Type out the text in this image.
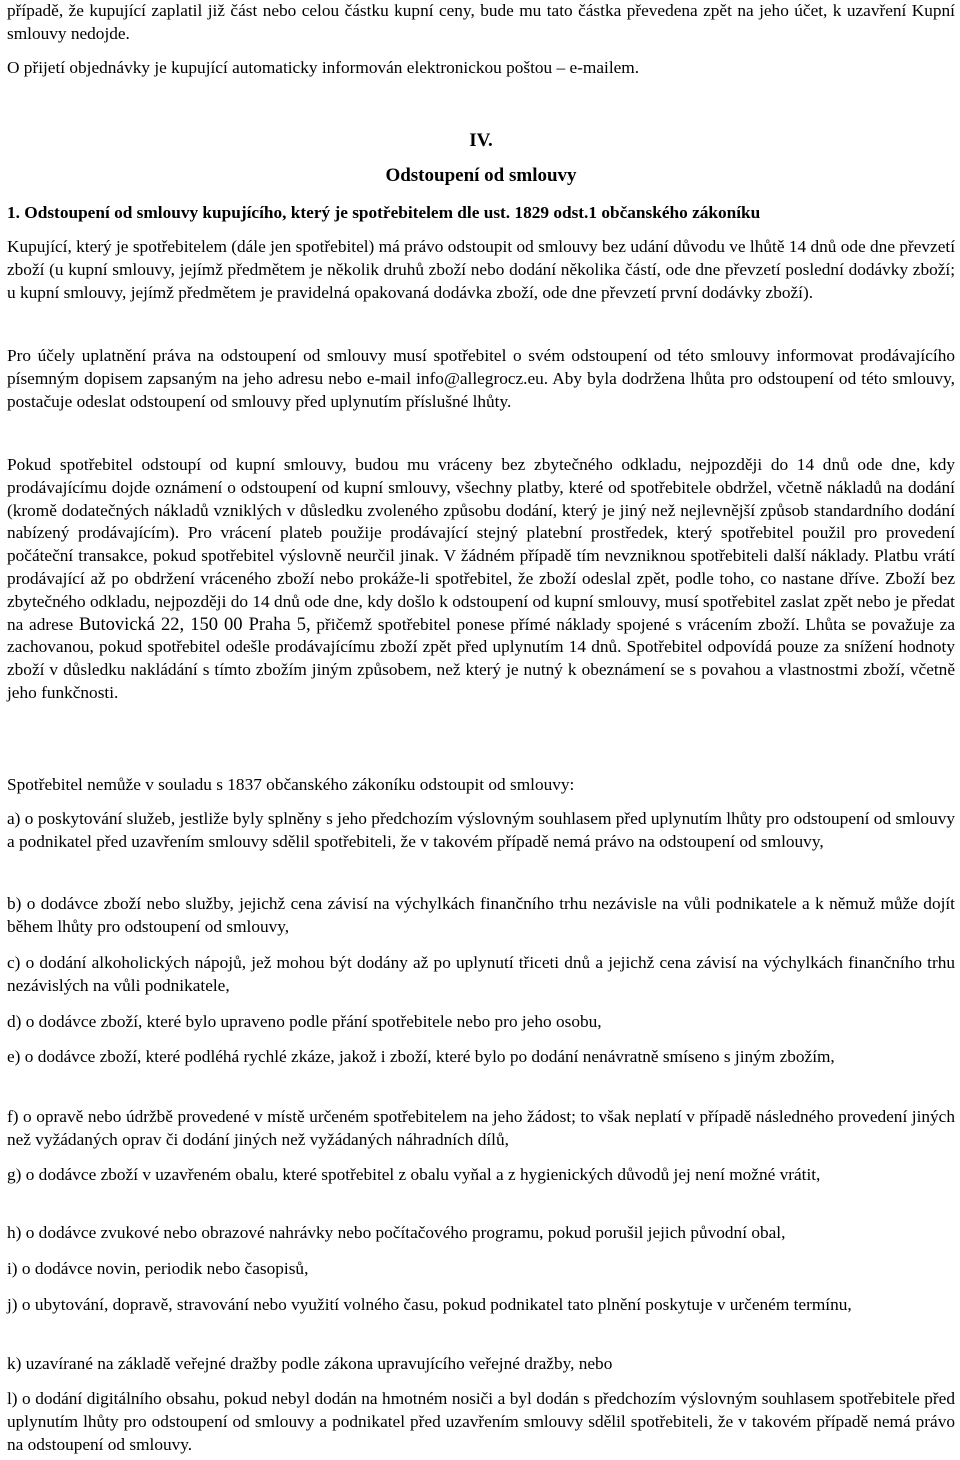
případě, že kupující zaplatil již část nebo celou částku kupní ceny, bude mu tato částka převedena zpět na jeho účet, k uzavření Kupní smlouvy nedojde.

O přijetí objednávky je kupující automaticky informován elektronickou poštou – e-mailem.

IV.
Odstoupení od smlouvy
1. Odstoupení od smlouvy kupujícího, který je spotřebitelem dle ust. 1829 odst.1 občanského zákoníku

Kupující, který je spotřebitelem (dále jen spotřebitel) má právo odstoupit od smlouvy bez udání důvodu ve lhůtě 14 dnů ode dne převzetí zboží (u kupní smlouvy, jejímž předmětem je několik druhů zboží nebo dodání několika částí, ode dne převzetí poslední dodávky zboží; u kupní smlouvy, jejímž předmětem je pravidelná opakovaná dodávka zboží, ode dne převzetí první dodávky zboží).

Pro účely uplatnění práva na odstoupení od smlouvy musí spotřebitel o svém odstoupení od této smlouvy informovat prodávajícího písemným dopisem zapsaným na jeho adresu nebo e-mail info@allegrocz.eu. Aby byla dodržena lhůta pro odstoupení od této smlouvy, postačuje odeslat odstoupení od smlouvy před uplynutím příslušné lhůty.

Pokud spotřebitel odstoupí od kupní smlouvy, budou mu vráceny bez zbytečného odkladu, nejpozději do 14 dnů ode dne, kdy prodávajícímu dojde oznámení o odstoupení od kupní smlouvy, všechny platby, které od spotřebitele obdržel, včetně nákladů na dodání (kromě dodatečných nákladů vzniklých v důsledku zvoleného způsobu dodání, který je jiný než nejlevnější způsob standardního dodání nabízený prodávajícím). Pro vrácení plateb použije prodávající stejný platební prostředek, který spotřebitel použil pro provedení počáteční transakce, pokud spotřebitel výslovně neurčil jinak. V žádném případě tím nevzniknou spotřebiteli další náklady. Platbu vrátí prodávající až po obdržení vráceného zboží nebo prokáže-li spotřebitel, že zboží odeslal zpět, podle toho, co nastane dříve. Zboží bez zbytečného odkladu, nejpozději do 14 dnů ode dne, kdy došlo k odstoupení od kupní smlouvy, musí spotřebitel zaslat zpět nebo je předat na adrese Butovická 22, 150 00 Praha 5, přičemž spotřebitel ponese přímé náklady spojené s vrácením zboží. Lhůta se považuje za zachovanou, pokud spotřebitel odešle prodávajícímu zboží zpět před uplynutím 14 dnů. Spotřebitel odpovídá pouze za snížení hodnoty zboží v důsledku nakládání s tímto zbožím jiným způsobem, než který je nutný k obeznámení se s povahou a vlastnostmi zboží, včetně jeho funkčnosti.

Spotřebitel nemůže v souladu s 1837 občanského zákoníku odstoupit od smlouvy:

a) o poskytování služeb, jestliže byly splněny s jeho předchozím výslovným souhlasem před uplynutím lhůty pro odstoupení od smlouvy a podnikatel před uzavřením smlouvy sdělil spotřebiteli, že v takovém případě nemá právo na odstoupení od smlouvy,

b) o dodávce zboží nebo služby, jejichž cena závisí na výchylkách finančního trhu nezávisle na vůli podnikatele a k němuž může dojít během lhůty pro odstoupení od smlouvy,

c) o dodání alkoholických nápojů, jež mohou být dodány až po uplynutí třiceti dnů a jejichž cena závisí na výchylkách finančního trhu nezávislých na vůli podnikatele,

d) o dodávce zboží, které bylo upraveno podle přání spotřebitele nebo pro jeho osobu,

e) o dodávce zboží, které podléhá rychlé zkáze, jakož i zboží, které bylo po dodání nenávratně smíseno s jiným zbožím,

f) o opravě nebo údržbě provedené v místě určeném spotřebitelem na jeho žádost; to však neplatí v případě následného provedení jiných než vyžádaných oprav či dodání jiných než vyžádaných náhradních dílů,

g) o dodávce zboží v uzavřeném obalu, které spotřebitel z obalu vyňal a z hygienických důvodů jej není možné vrátit,

h) o dodávce zvukové nebo obrazové nahrávky nebo počítačového programu, pokud porušil jejich původní obal,

i) o dodávce novin, periodik nebo časopisů,

j) o ubytování, dopravě, stravování nebo využití volného času, pokud podnikatel tato plnění poskytuje v určeném termínu,

k) uzavírané na základě veřejné dražby podle zákona upravujícího veřejné dražby, nebo

l) o dodání digitálního obsahu, pokud nebyl dodán na hmotném nosiči a byl dodán s předchozím výslovným souhlasem spotřebitele před uplynutím lhůty pro odstoupení od smlouvy a podnikatel před uzavřením smlouvy sdělil spotřebiteli, že v takovém případě nemá právo na odstoupení od smlouvy.
